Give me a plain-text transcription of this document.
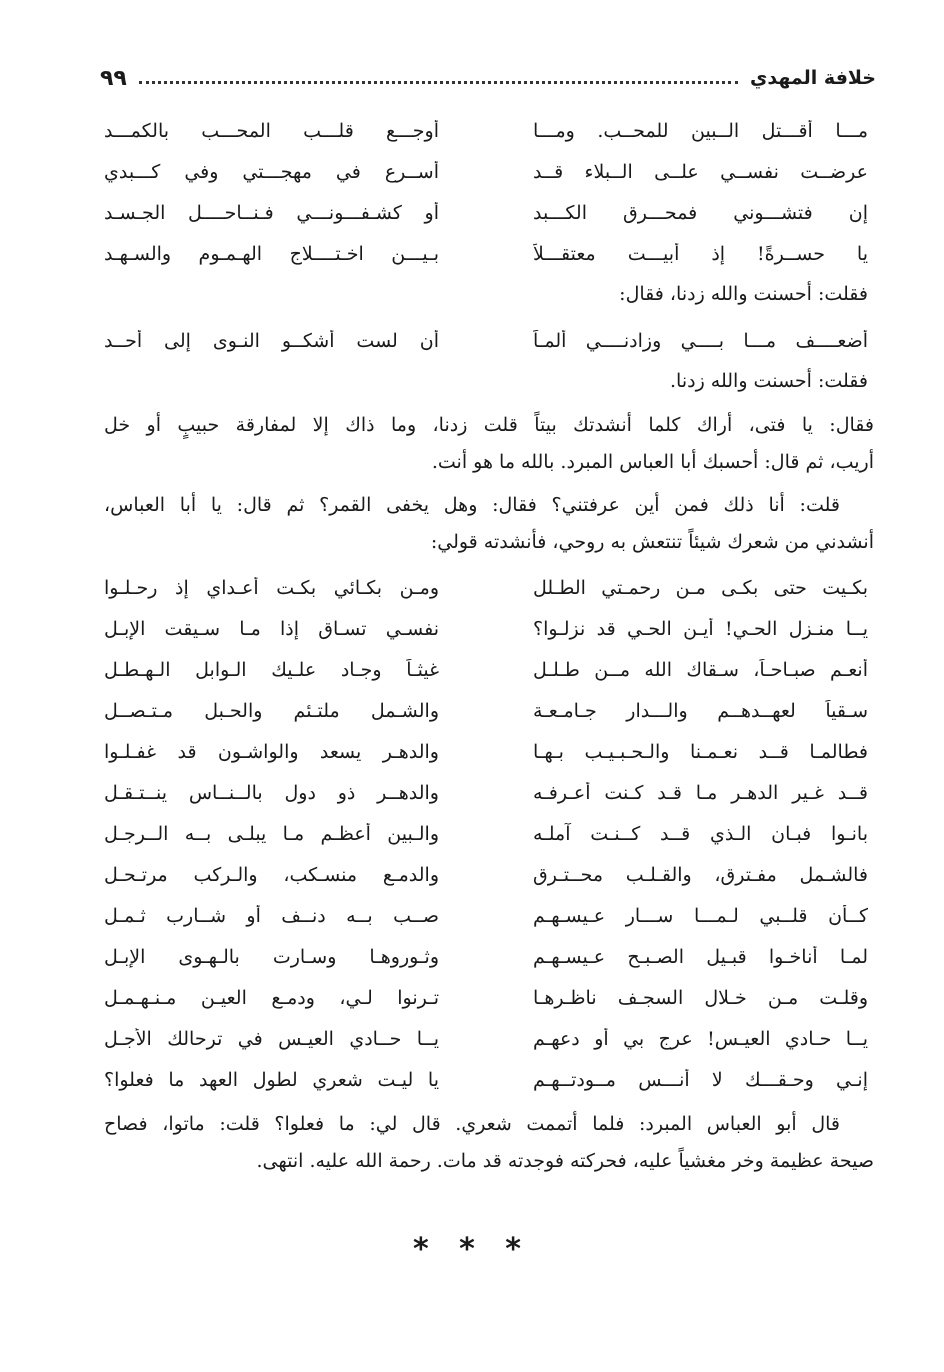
خلافة المهدي
٩٩
مـــا أقـــتل الــبين للمحــب. ومـــا
أوجـــع قلـــب المحـــب بالكمـــد
عرضــت نفســي علــى الــبلاء قــد
أســرع في مهجـــتي وفي كـــبدي
إن فتشـــوني فمحـــرق الكـــبد
أو كشـفـــونـــي فـنــاحــــل الجـسـد
يا حســرةً! إذ أبيـــت معتقـــلاً
بـيـــن اخـتــــلاج الهـمـوم والسـهـد
فقلت: أحسنت والله زدنا، فقال:
أضعــــف مـــا بــــي وزادنــــي ألمـاً
أن لست أشكــو النـوى إلى أحــد
فقلت: أحسنت والله زدنا.
فقال: يا فتى، أراك كلما أنشدتك بيتاً قلت زدنا، وما ذاك إلا لمفارقة حبيبٍ أو خل
أريب، ثم قال: أحسبك أبا العباس المبرد. بالله ما هو أنت.
قلت: أنا ذلك فمن أين عرفتني؟ فقال: وهل يخفى القمر؟ ثم قال: يا أبا العباس،
أنشدني من شعرك شيئاً تنتعش به روحي، فأنشدته قولي:
بكـيت حتى بكـى مـن رحمـتي الطـلل
ومـن بكـائي بكـت أعـداي إذ رحـلـوا
يــا منـزل الحـي! أيـن الحـي قد نزلـوا؟
نفسـي تسـاق إذا مـا سـيقت الإبـل
أنعـم صبـاحـاً، سـقاك الله مــن طـلـل
غيثـاً وجـاد علـيك الـوابل الـهـطـل
سـقياً لعهــدهــم والـــدار جـامـعـة
والشـمل ملتـئم والحـبل مـتـصــل
فطالمـا قــد نعـمـنا والـحـبـيـب بـهـا
والدهـر يسعد والواشـون قد غفـلـوا
قــد غـير الدهـر مـا قـد كـنت أعـرفـه
والدهــر ذو دول بالــنــاس ينــتـقـل
بانـوا فبـان الـذي قــد كــنـت آملـه
والـبين أعظـم مـا يبلـى بــه الــرجـل
فالشـمل مفـترق، والقـلـب محــتـرق
والدمـع منسـكب، والـركب مرتـحـل
كــأن قلــبي لـمـــا ســـار عـيسـهـم
صــب بــه دنــف أو شــارب ثـمـل
لمـا أناخـوا قبـيل الصـبـح عـيسـهـم
وثـوروهـا وسـارت بالـهـوى الإبـل
وقلـت مـن خـلال السجـف ناظـرهـا
تـرنوا لـي، ودمـع العيـن مـنـهـمـل
يــا حـادي العيـس! عرج بي أو دعهـم
يــا حــادي العيـس في ترحالك الأجـل
إنـي وحـقـــك لا أنـــس مــودتــهـم
يا ليـت شعري لطول العهد ما فعلوا؟
قال أبو العباس المبرد: فلما أتممت شعري. قال لي: ما فعلوا؟ قلت: ماتوا، فصاح
صيحة عظيمة وخر مغشياً عليه، فحركته فوجدته قد مات. رحمة الله عليه. انتهى.
* * *
